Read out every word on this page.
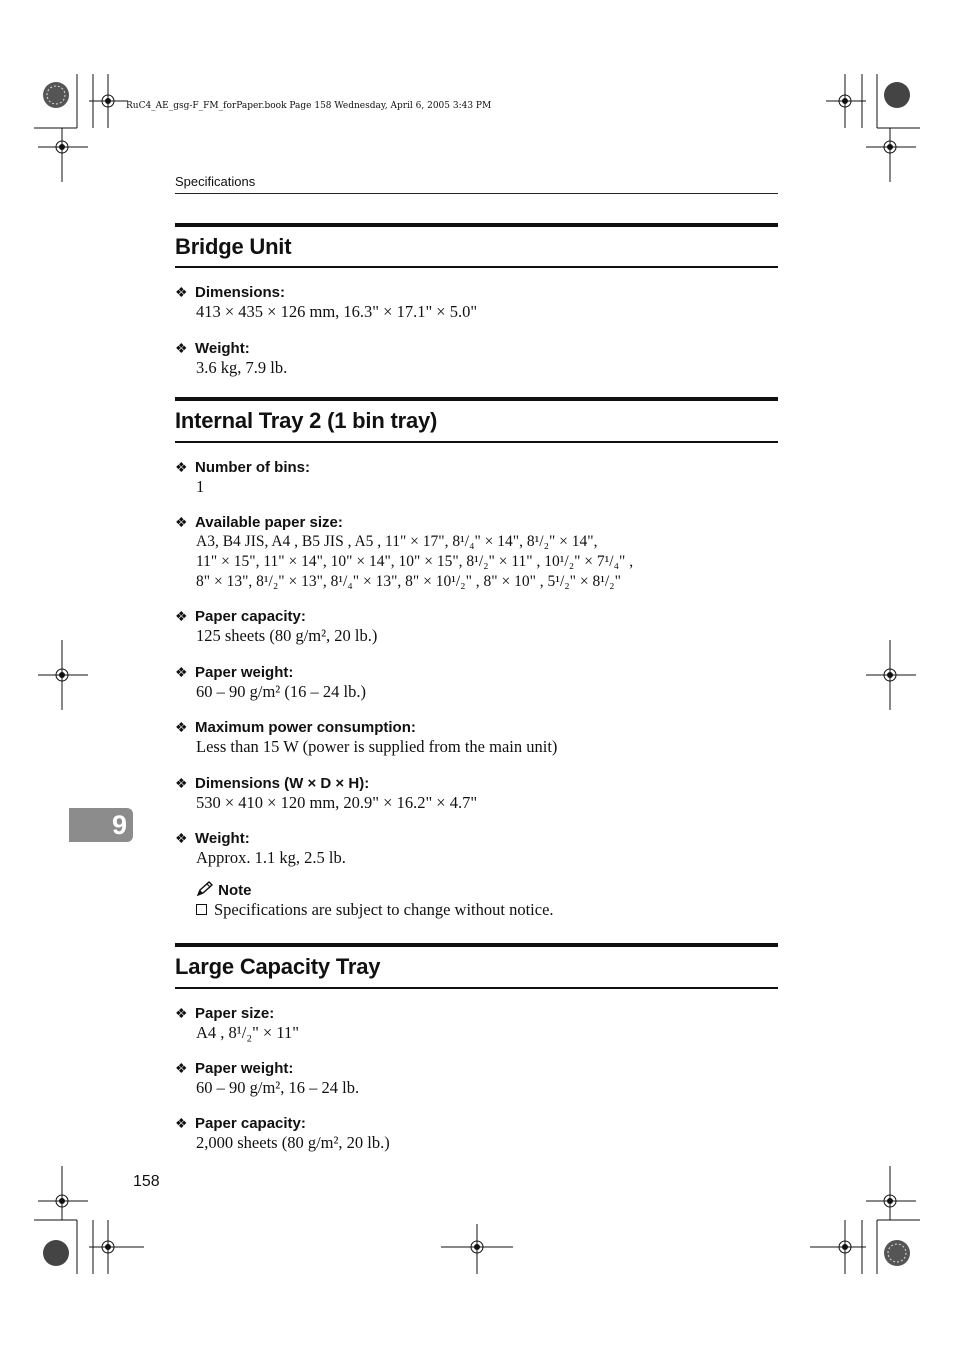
RuC4_AE_gsg-F_FM_forPaper.book Page 158 Wednesday, April 6, 2005 3:43 PM
Specifications
Bridge Unit
❖ Dimensions:
413 × 435 × 126 mm, 16.3" × 17.1" × 5.0"
❖ Weight:
3.6 kg, 7.9 lb.
Internal Tray 2 (1 bin tray)
❖ Number of bins:
1
❖ Available paper size:
A3, B4 JIS, A4 , B5 JIS , A5 , 11" × 17", 8¹/₄" × 14", 8¹/₂" × 14",
11" × 15", 11" × 14", 10" × 14", 10" × 15", 8¹/₂" × 11" , 10¹/₂" × 7¹/₄" ,
8" × 13", 8¹/₂" × 13", 8¹/₄" × 13", 8" × 10¹/₂" , 8" × 10" , 5¹/₂" × 8¹/₂"
❖ Paper capacity:
125 sheets (80 g/m², 20 lb.)
❖ Paper weight:
60 – 90 g/m² (16 – 24 lb.)
❖ Maximum power consumption:
Less than 15 W (power is supplied from the main unit)
❖ Dimensions (W × D × H):
530 × 410 × 120 mm, 20.9" × 16.2" × 4.7"
❖ Weight:
Approx. 1.1 kg, 2.5 lb.
Note
Specifications are subject to change without notice.
Large Capacity Tray
❖ Paper size:
A4 , 8¹/₂" × 11"
❖ Paper weight:
60 – 90 g/m², 16 – 24 lb.
❖ Paper capacity:
2,000 sheets (80 g/m², 20 lb.)
9
158
